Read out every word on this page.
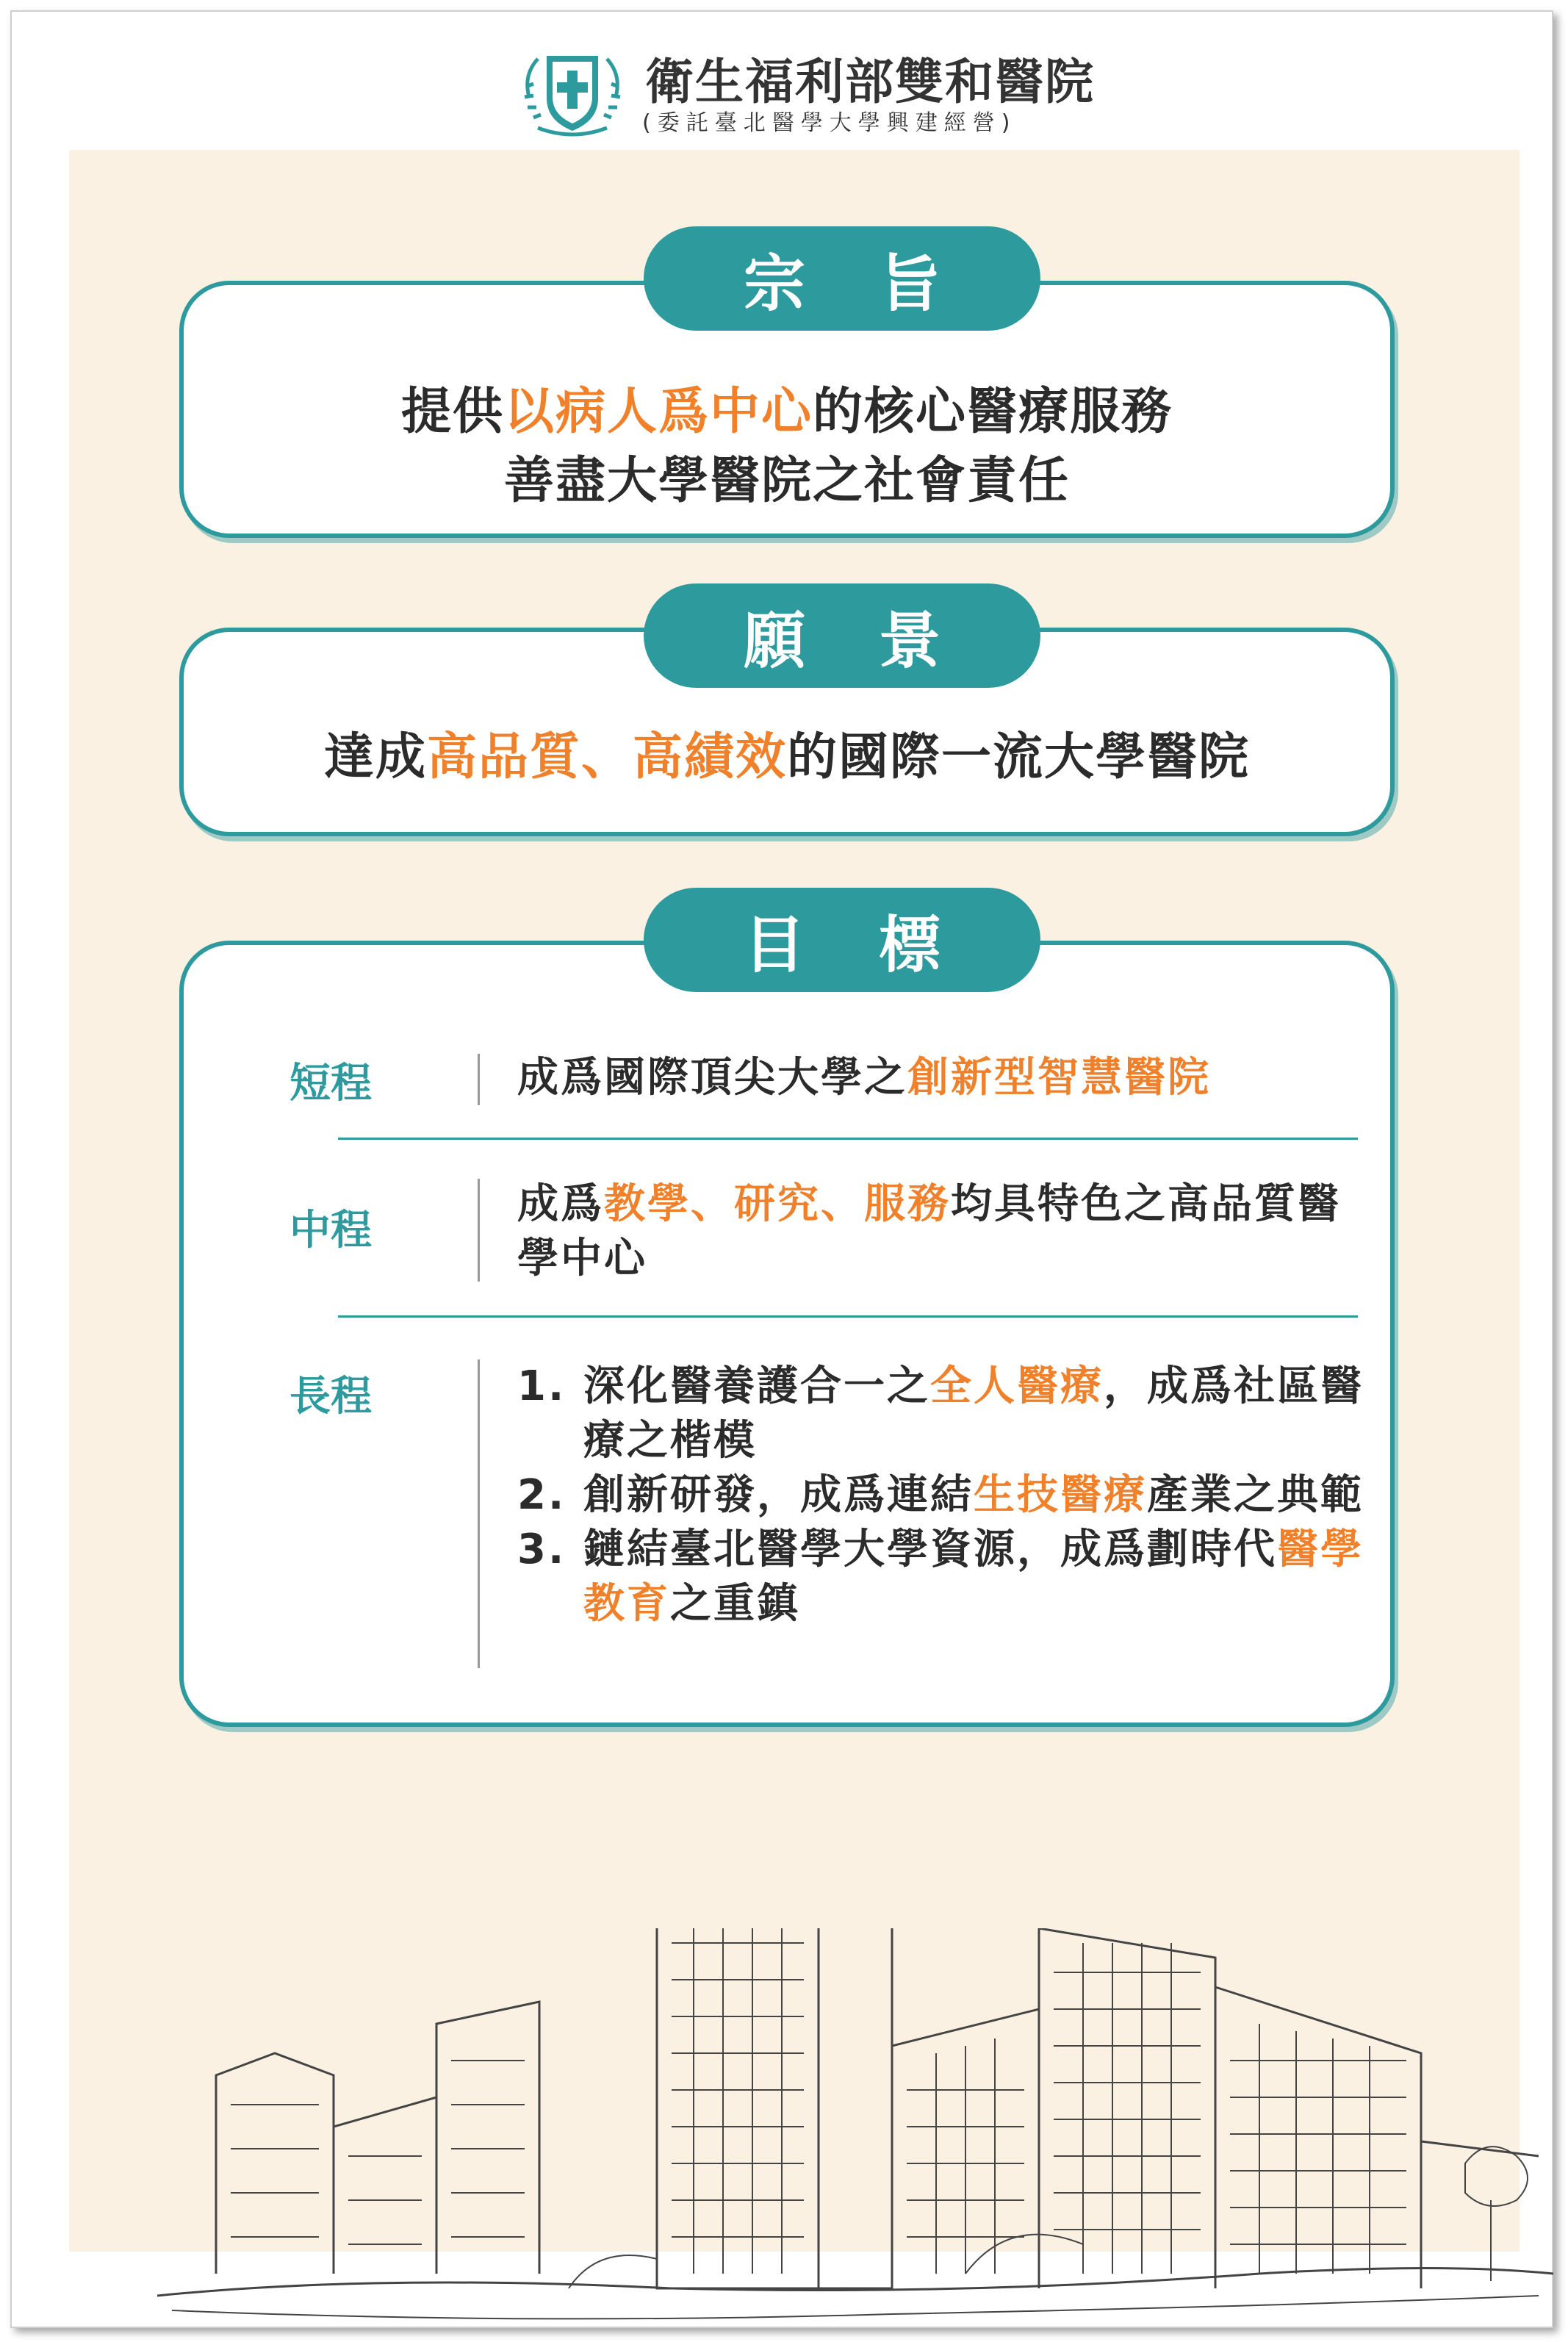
衛生福利部雙和醫院
(委託臺北醫學大學興建經營)
提供以病人爲中心的核心醫療服務
善盡大學醫院之社會責任
宗 旨
達成高品質、高績效的國際一流大學醫院
願 景
目 標
短程	成爲國際頂尖大學之創新型智慧醫院
中程
成爲教學、研究、服務均具特色之高品質醫學中心
長程	1. 深化醫養護合一之全人醫療，成爲社區醫療之楷模
2. 創新研發，成爲連結生技醫療產業之典範
3. 鏈結臺北醫學大學資源，成爲劃時代醫學教育之重鎮
